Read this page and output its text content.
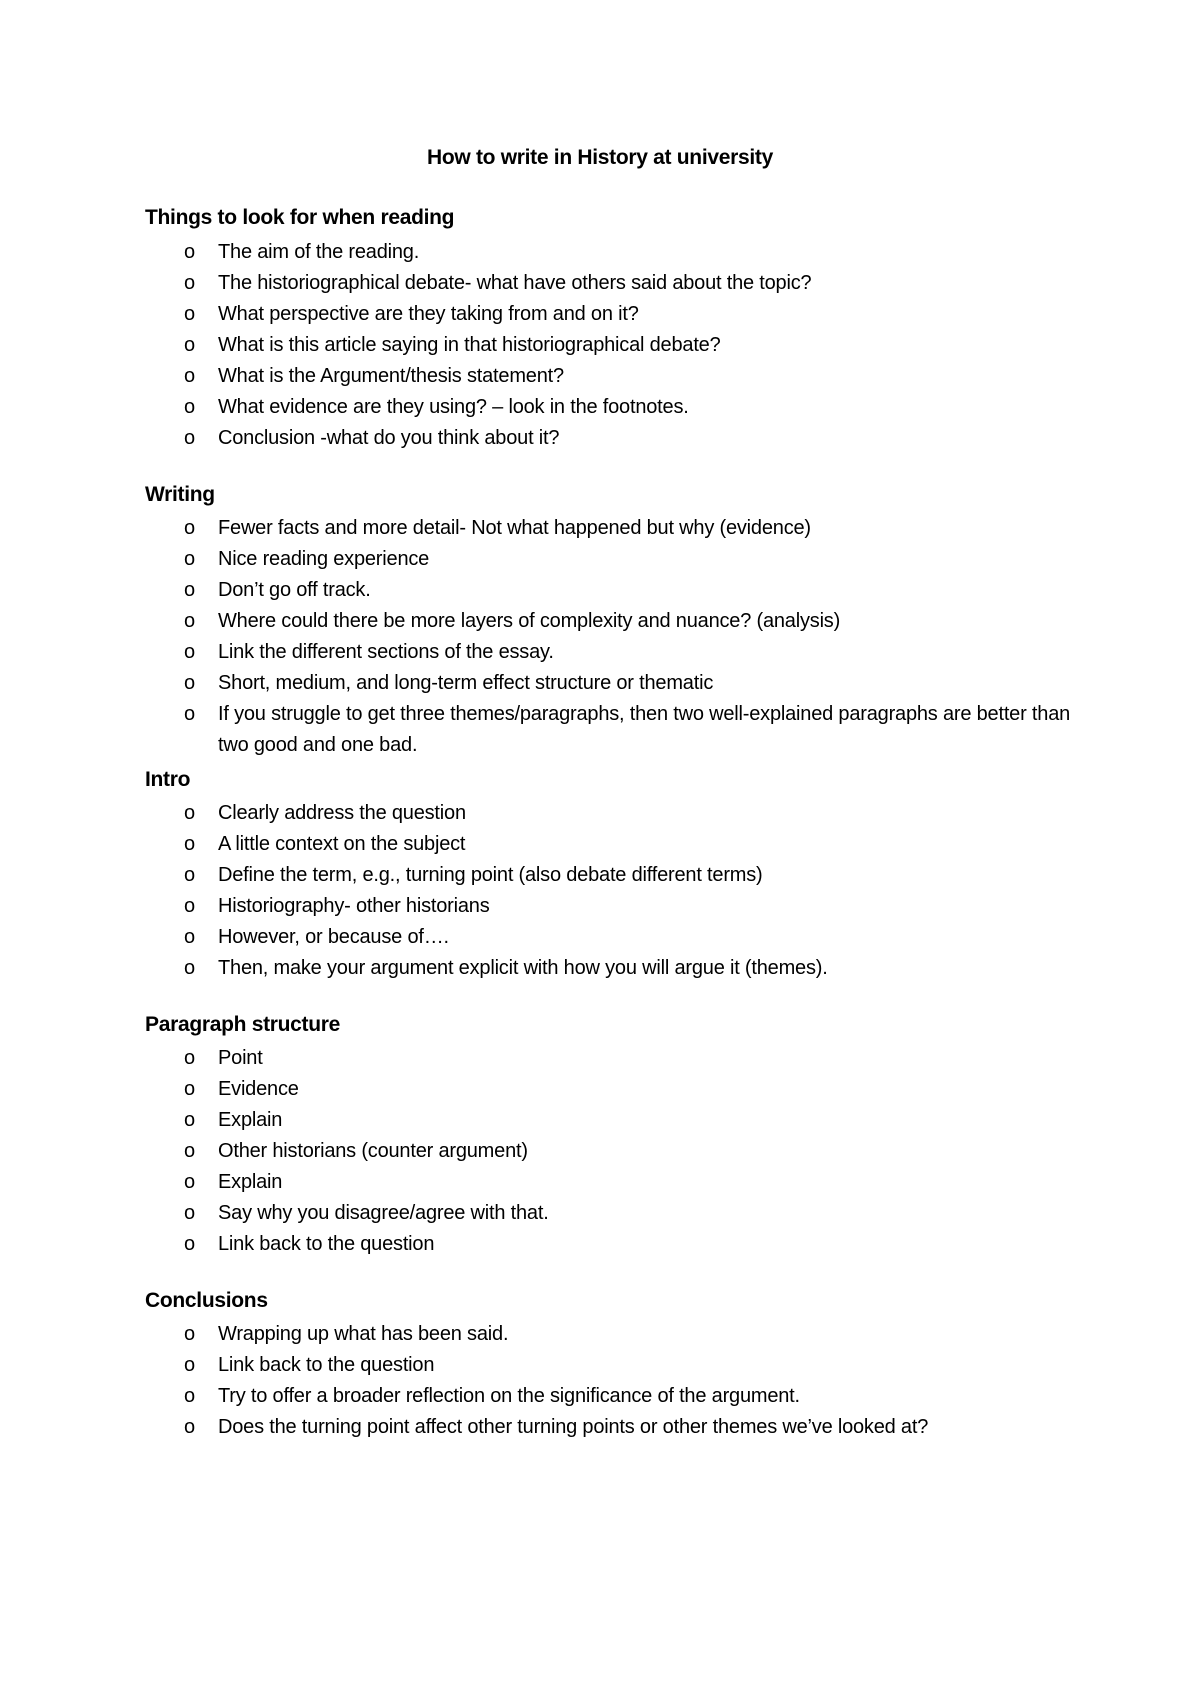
How to write in History at university
Things to look for when reading
o The aim of the reading.
o The historiographical debate- what have others said about the topic?
o What perspective are they taking from and on it?
o What is this article saying in that historiographical debate?
o What is the Argument/thesis statement?
o What evidence are they using? – look in the footnotes.
o Conclusion -what do you think about it?
Writing
o Fewer facts and more detail- Not what happened but why (evidence)
o Nice reading experience
o Don’t go off track.
o Where could there be more layers of complexity and nuance? (analysis)
o Link the different sections of the essay.
o Short, medium, and long-term effect structure or thematic
o If you struggle to get three themes/paragraphs, then two well-explained paragraphs are better than two good and one bad.
Intro
o Clearly address the question
o A little context on the subject
o Define the term, e.g., turning point (also debate different terms)
o Historiography- other historians
o However, or because of….
o Then, make your argument explicit with how you will argue it (themes).
Paragraph structure
o Point
o Evidence
o Explain
o Other historians (counter argument)
o Explain
o Say why you disagree/agree with that.
o Link back to the question
Conclusions
o Wrapping up what has been said.
o Link back to the question
o Try to offer a broader reflection on the significance of the argument.
o Does the turning point affect other turning points or other themes we’ve looked at?
